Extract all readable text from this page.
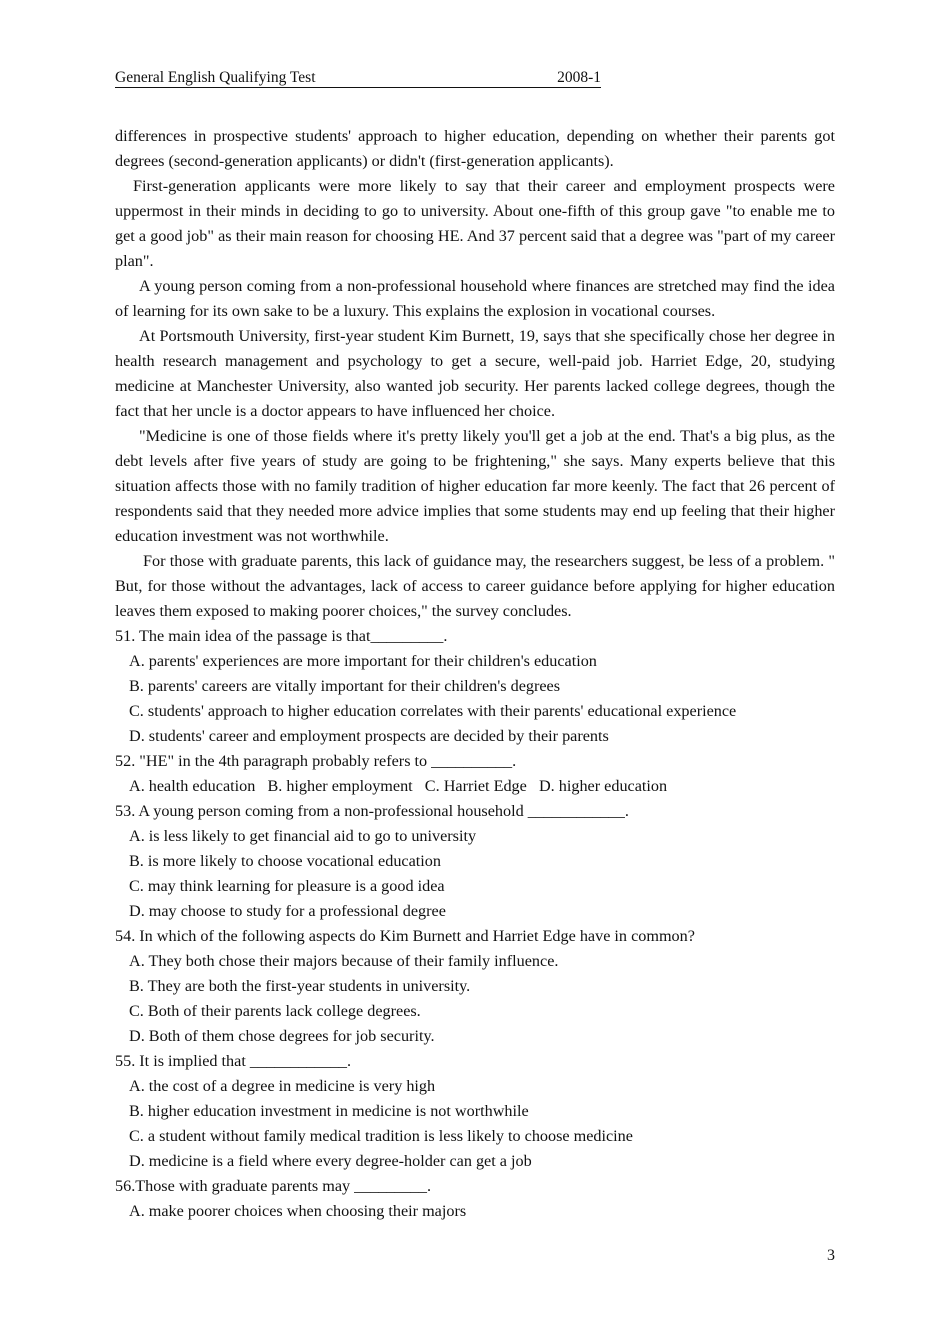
General English Qualifying Test	2008-1

differences in prospective students' approach to higher education, depending on whether their parents got degrees (second-generation applicants) or didn't (first-generation applicants).

First-generation applicants were more likely to say that their career and employment prospects were uppermost in their minds in deciding to go to university. About one-fifth of this group gave "to enable me to get a good job" as their main reason for choosing HE. And 37 percent said that a degree was "part of my career plan".

A young person coming from a non-professional household where finances are stretched may find the idea of learning for its own sake to be a luxury. This explains the explosion in vocational courses.

At Portsmouth University, first-year student Kim Burnett, 19, says that she specifically chose her degree in health research management and psychology to get a secure, well-paid job. Harriet Edge, 20, studying medicine at Manchester University, also wanted job security. Her parents lacked college degrees, though the fact that her uncle is a doctor appears to have influenced her choice.

"Medicine is one of those fields where it's pretty likely you'll get a job at the end. That's a big plus, as the debt levels after five years of study are going to be frightening," she says. Many experts believe that this situation affects those with no family tradition of higher education far more keenly. The fact that 26 percent of respondents said that they needed more advice implies that some students may end up feeling that their higher education investment was not worthwhile.

For those with graduate parents, this lack of guidance may, the researchers suggest, be less of a problem. " But, for those without the advantages, lack of access to career guidance before applying for higher education leaves them exposed to making poorer choices," the survey concludes.

51. The main idea of the passage is that_________.

A. parents' experiences are more important for their children's education

B. parents' careers are vitally important for their children's degrees

C. students' approach to higher education correlates with their parents' educational experience

D. students' career and employment prospects are decided by their parents

52. "HE" in the 4th paragraph probably refers to __________.

A. health education   B. higher employment   C. Harriet Edge   D. higher education

53. A young person coming from a non-professional household ____________.

A. is less likely to get financial aid to go to university

B. is more likely to choose vocational education

C. may think learning for pleasure is a good idea

D. may choose to study for a professional degree

54. In which of the following aspects do Kim Burnett and Harriet Edge have in common?

A. They both chose their majors because of their family influence.

B. They are both the first-year students in university.

C. Both of their parents lack college degrees.

D. Both of them chose degrees for job security.

55. It is implied that ____________.

A. the cost of a degree in medicine is very high

B. higher education investment in medicine is not worthwhile

C. a student without family medical tradition is less likely to choose medicine

D. medicine is a field where every degree-holder can get a job

56.Those with graduate parents may _________.

A. make poorer choices when choosing their majors

3
